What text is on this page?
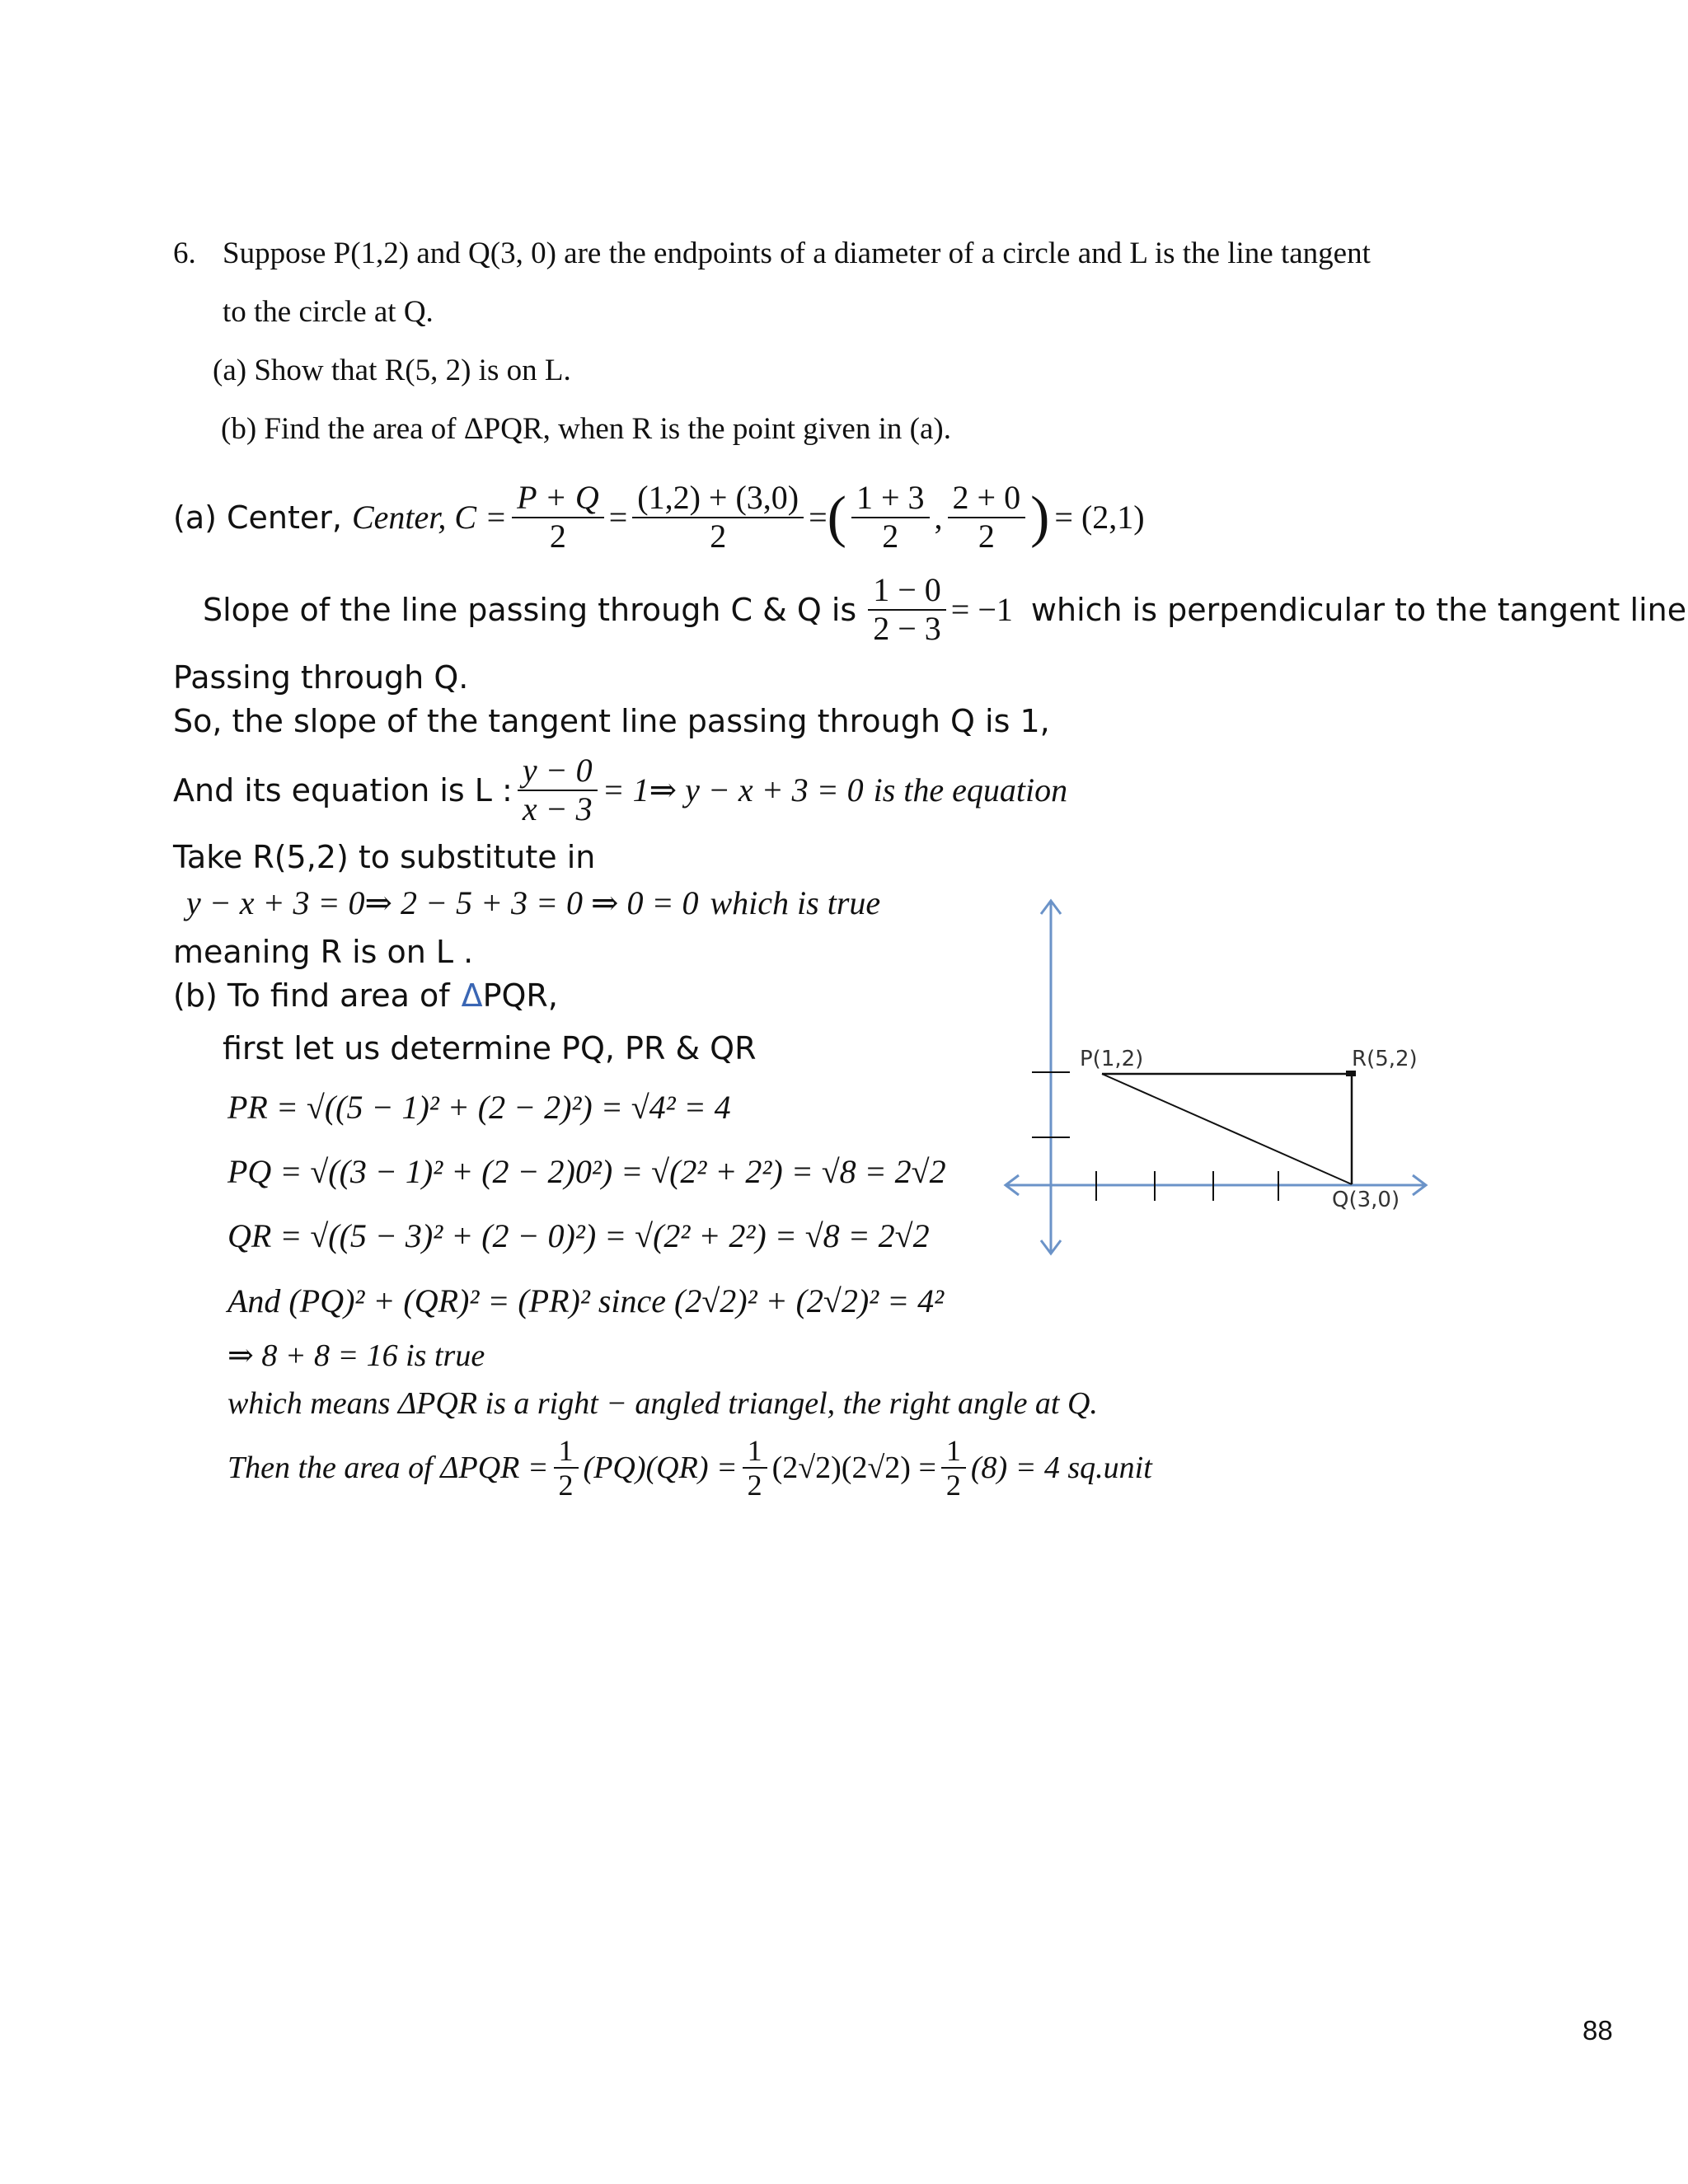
6. Suppose P(1,2) and Q(3, 0) are the endpoints of a diameter of a circle and L is the line tangent
to the circle at Q.
(a) Show that R(5, 2) is on L.
(b) Find the area of ΔPQR, when R is the point given in (a).
(a) Center, Center, $C = \frac{P + Q}{2} = \frac{(1,2) + (3,0)}{2}$ = ( $\frac{1 + 3}{2}$ , $\frac{2 + 0}{2}$ ) = (2,1)
Slope of the line passing through C & Q is $\frac{1 - 0}{2 - 3} = -1$ which is perpendicular to the tangent line
Passing through Q.
So, the slope of the tangent line passing through Q is 1,
And its equation is L : $\frac{y - 0}{x - 3}$ = 1⇒ y − x + 3 = 0 is the equation
Take R(5,2) to substitute in
y − x + 3 = 0⇒ 2 − 5 + 3 = 0 ⇒ 0 = 0 which is true
meaning R is on L .
(b) To find area of ΔPQR,
first let us determine PQ, PR & QR
PR = √((5 − 1)² + (2 − 2)²) = √4² = 4
PQ = √((3 − 1)² + (2 − 2)0²) = √(2² + 2²) = √8 = 2√2
QR = √((5 − 3)² + (2 − 0)²) = √(2² + 2²) = √8 = 2√2
And (PQ)² + (QR)² = (PR)² since (2√2)² + (2√2)² = 4²
⇒ 8 + 8 = 16 is true
which means ΔPQR is a right − angled triangel, the right angle at Q.
Then the area of $\Delta PQR = \frac{1}{2} (PQ)(QR) = \frac{1}{2} (2√2)(2√2) = \frac{1}{2} (8) = 4$ sq.unit
P(1,2)	R(5,2)
Q(3,0)
88
